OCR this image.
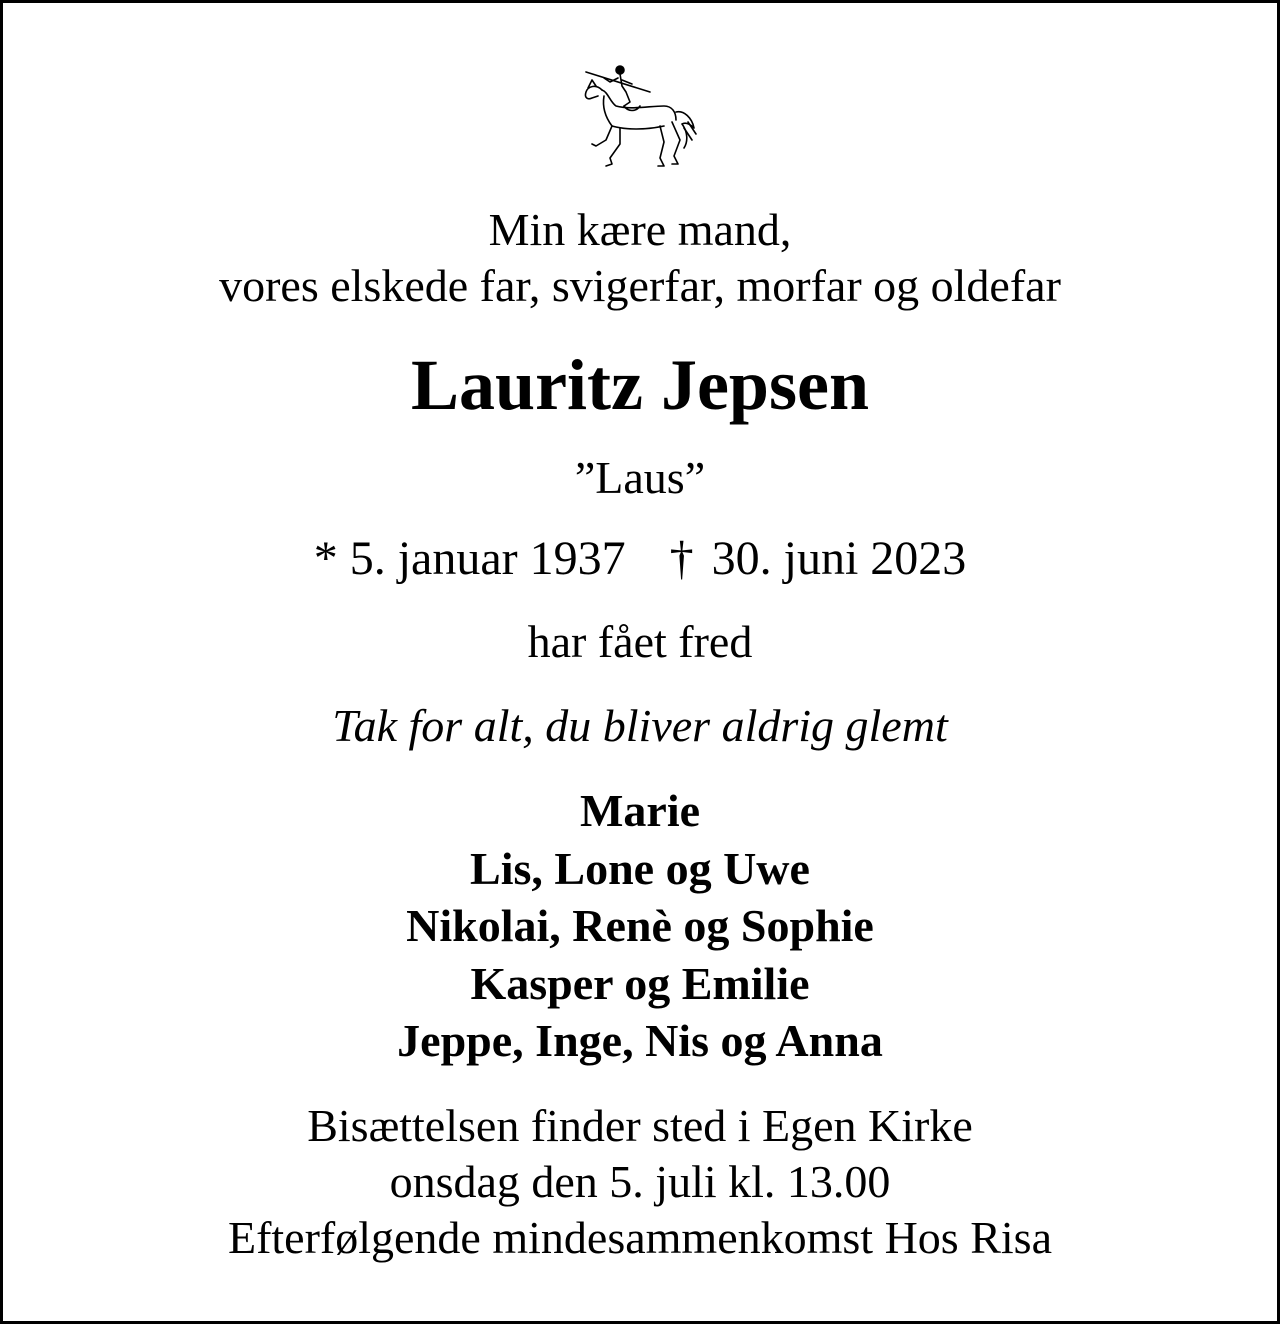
Min kære mand,
vores elskede far, svigerfar, morfar og oldefar
Lauritz Jepsen
”Laus”
* 5. januar 1937 † 30. juni 2023
har fået fred
Tak for alt, du bliver aldrig glemt
Marie
Lis, Lone og Uwe
Nikolai, Renè og Sophie
Kasper og Emilie
Jeppe, Inge, Nis og Anna
Bisættelsen finder sted i Egen Kirke
onsdag den 5. juli kl. 13.00
Efterfølgende mindesammenkomst Hos Risa
